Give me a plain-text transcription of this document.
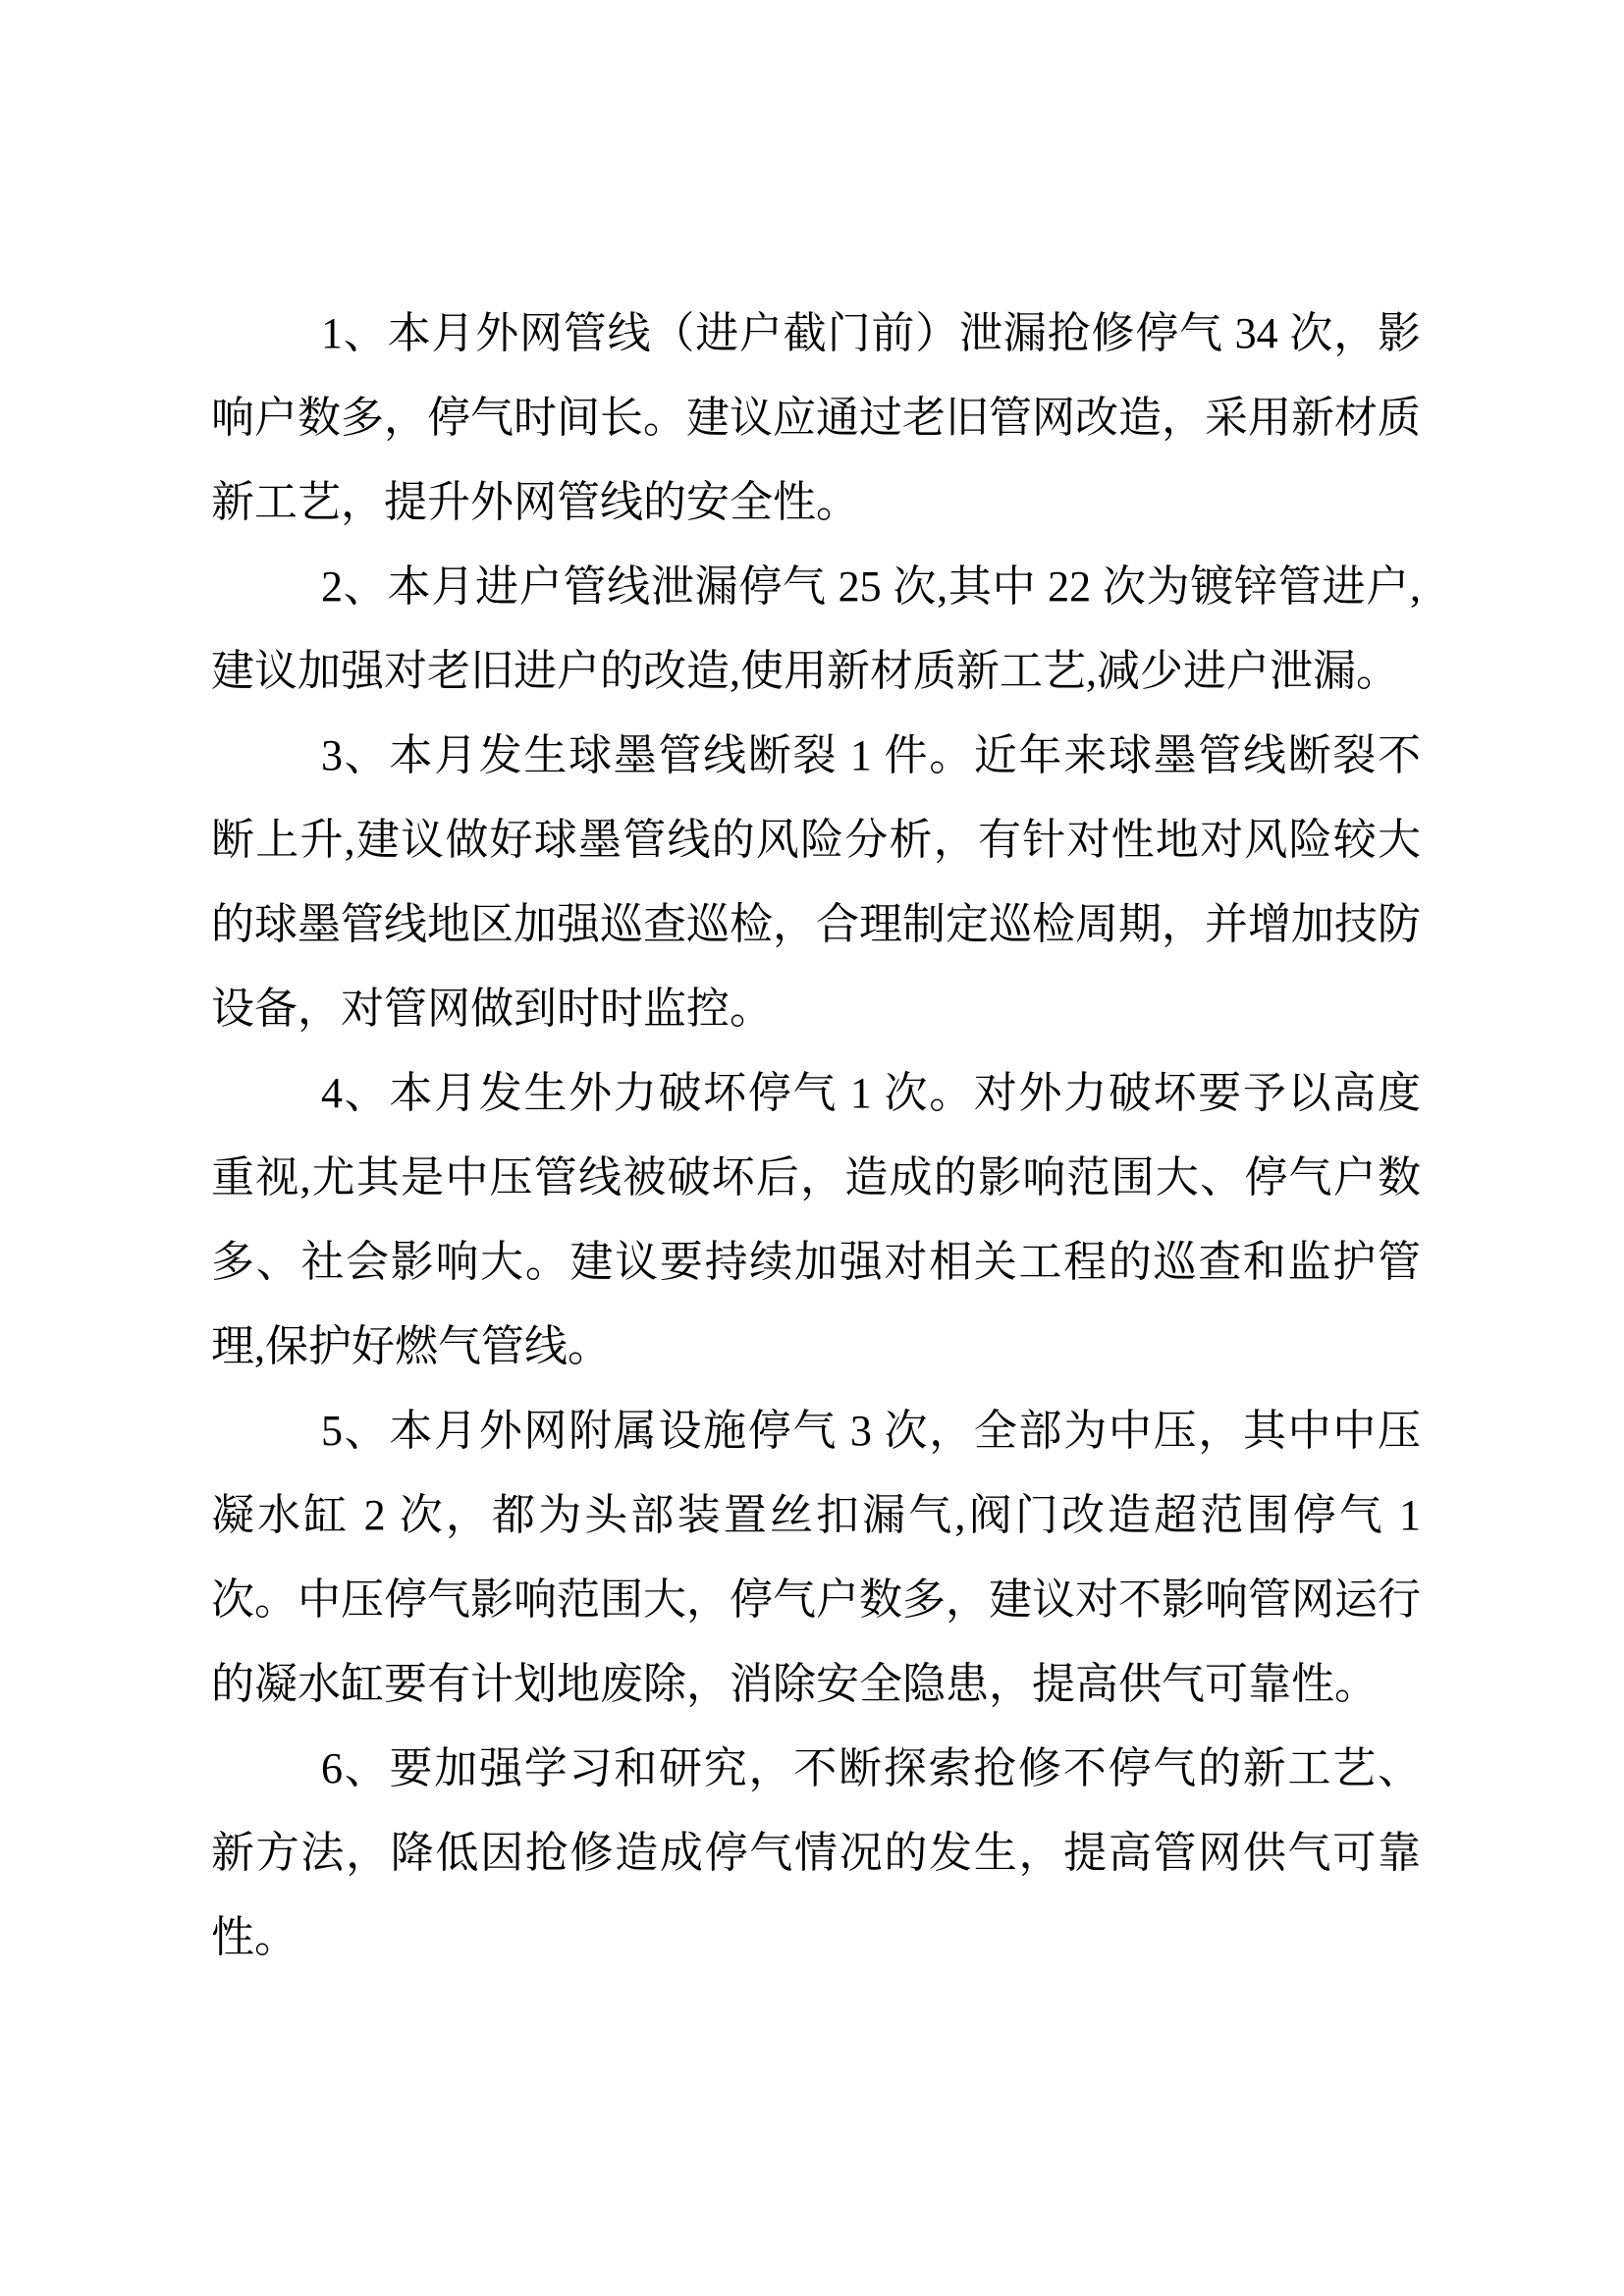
1、本月外网管线（进户截门前）泄漏抢修停气 34 次，影响户数多，停气时间长。建议应通过老旧管网改造，采用新材质新工艺，提升外网管线的安全性。

2、本月进户管线泄漏停气 25 次,其中 22 次为镀锌管进户,建议加强对老旧进户的改造,使用新材质新工艺,减少进户泄漏。

3、本月发生球墨管线断裂 1 件。近年来球墨管线断裂不断上升,建议做好球墨管线的风险分析，有针对性地对风险较大的球墨管线地区加强巡查巡检，合理制定巡检周期，并增加技防设备，对管网做到时时监控。

4、本月发生外力破坏停气 1 次。对外力破坏要予以高度重视,尤其是中压管线被破坏后，造成的影响范围大、停气户数多、社会影响大。建议要持续加强对相关工程的巡查和监护管理,保护好燃气管线。

5、本月外网附属设施停气 3 次，全部为中压，其中中压凝水缸 2 次，都为头部装置丝扣漏气,阀门改造超范围停气 1 次。中压停气影响范围大，停气户数多，建议对不影响管网运行的凝水缸要有计划地废除，消除安全隐患，提高供气可靠性。

6、要加强学习和研究，不断探索抢修不停气的新工艺、新方法，降低因抢修造成停气情况的发生，提高管网供气可靠性。
